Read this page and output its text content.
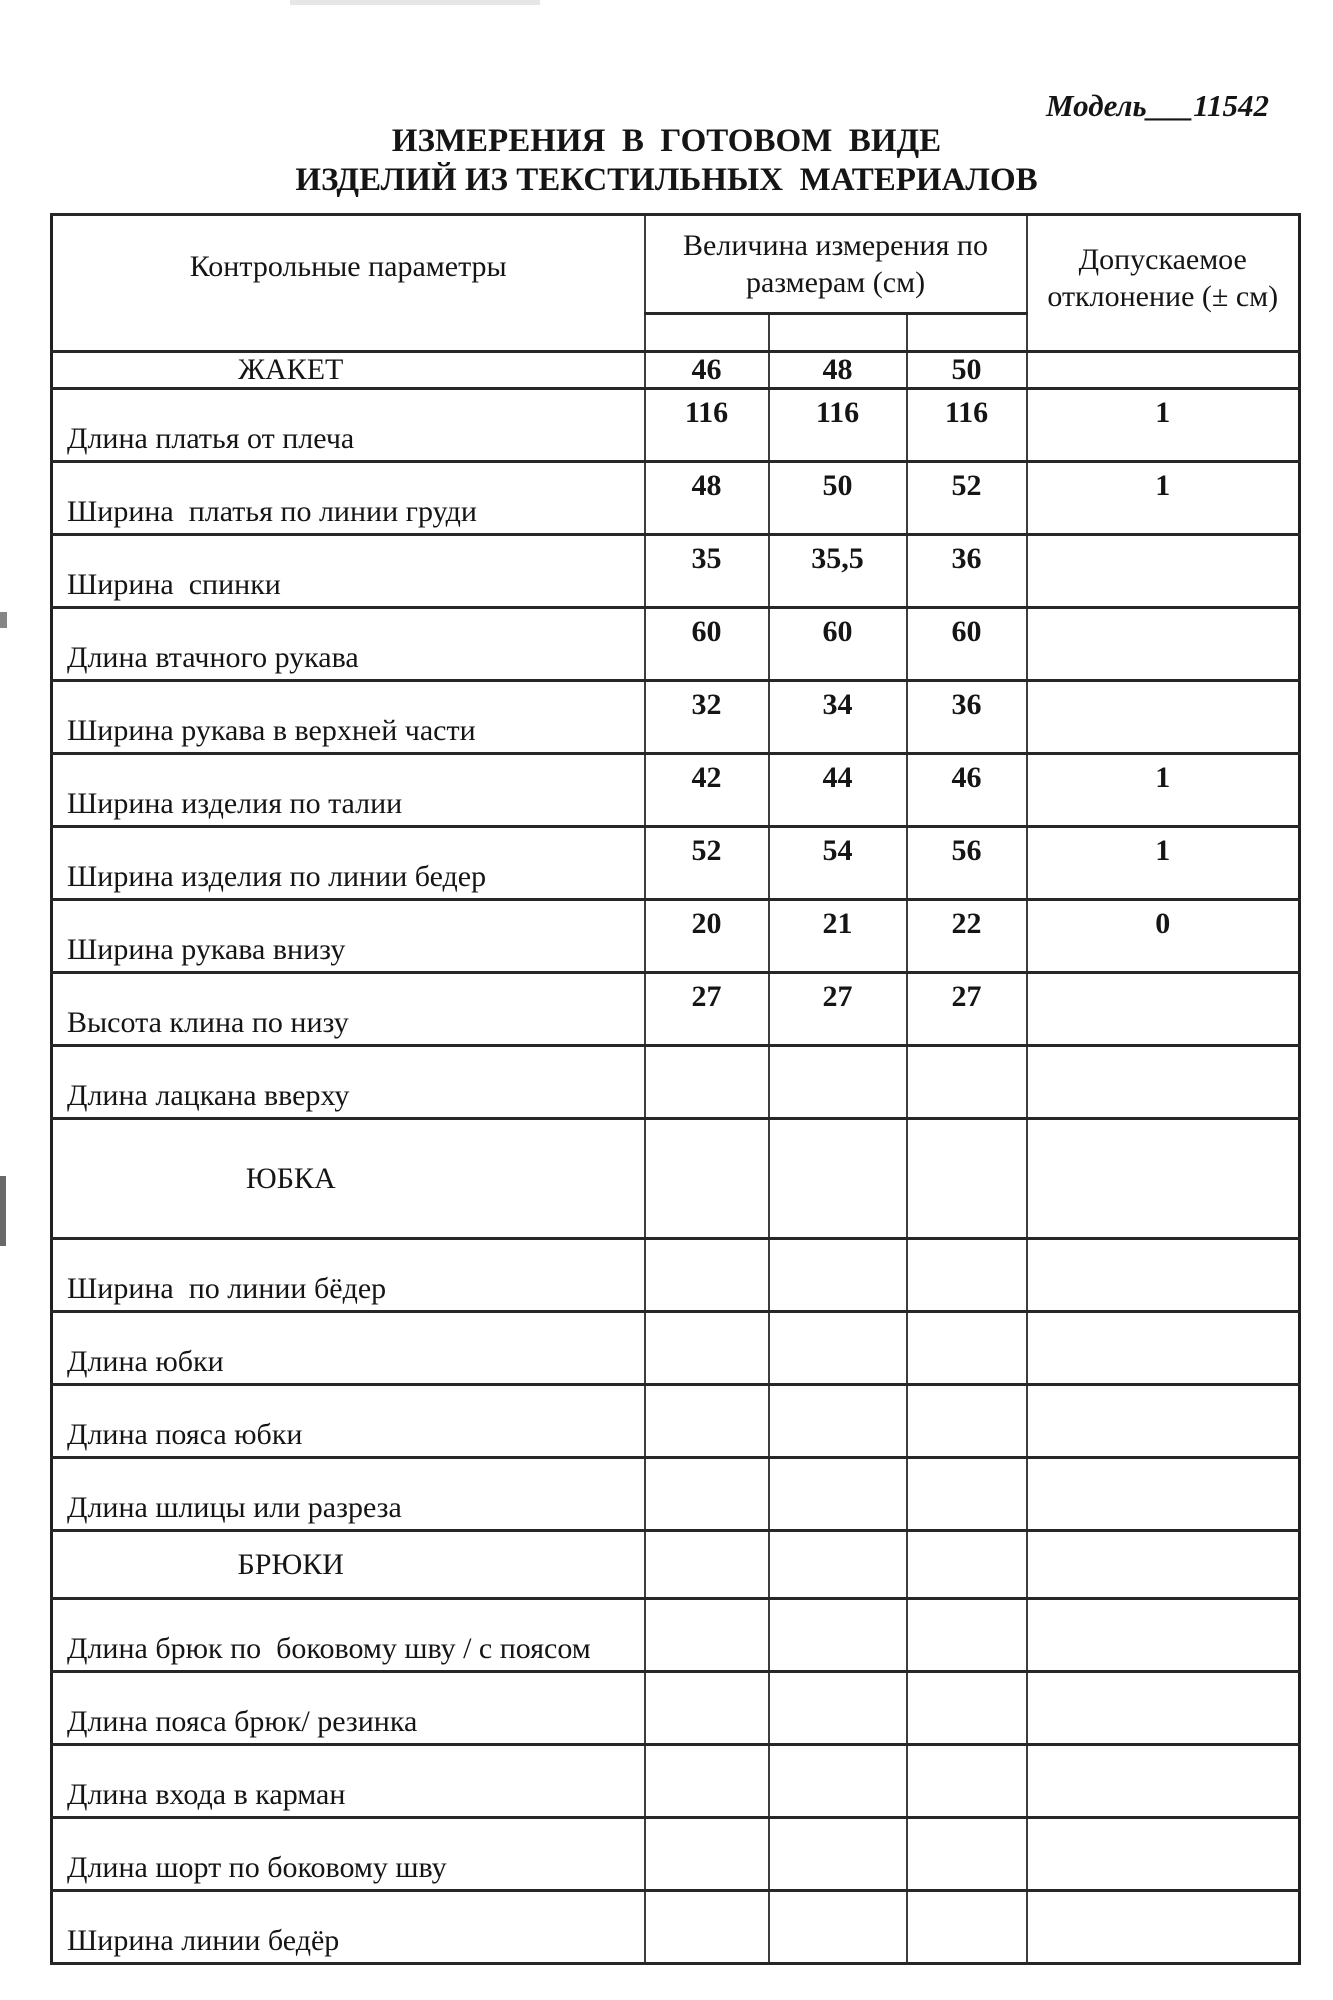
Модель___11542
ИЗМЕРЕНИЯ  В  ГОТОВОМ  ВИДЕ
ИЗДЕЛИЙ ИЗ ТЕКСТИЛЬНЫХ  МАТЕРИАЛОВ
Контрольные параметры	Величина измерения по размерам (см)			Допускаемое отклонение (± см)

ЖАКЕТ	46	48	50	
Длина платья от плеча	116	116	116	1
Ширина  платья по линии груди	48	50	52	1
Ширина  спинки	35	35,5	36	
Длина втачного рукава	60	60	60	
Ширина рукава в верхней части	32	34	36	
Ширина изделия по талии	42	44	46	1
Ширина изделия по линии бедер	52	54	56	1
Ширина рукава внизу	20	21	22	0
Высота клина по низу	27	27	27	
Длина лацкана вверху				
ЮБКА				
Ширина  по линии бёдер				
Длина юбки				
Длина пояса юбки				
Длина шлицы или разреза				
БРЮКИ				
Длина брюк по  боковому шву / с поясом				
Длина пояса брюк/ резинка				
Длина входа в карман				
Длина шорт по боковому шву				
Ширина линии бедёр				
